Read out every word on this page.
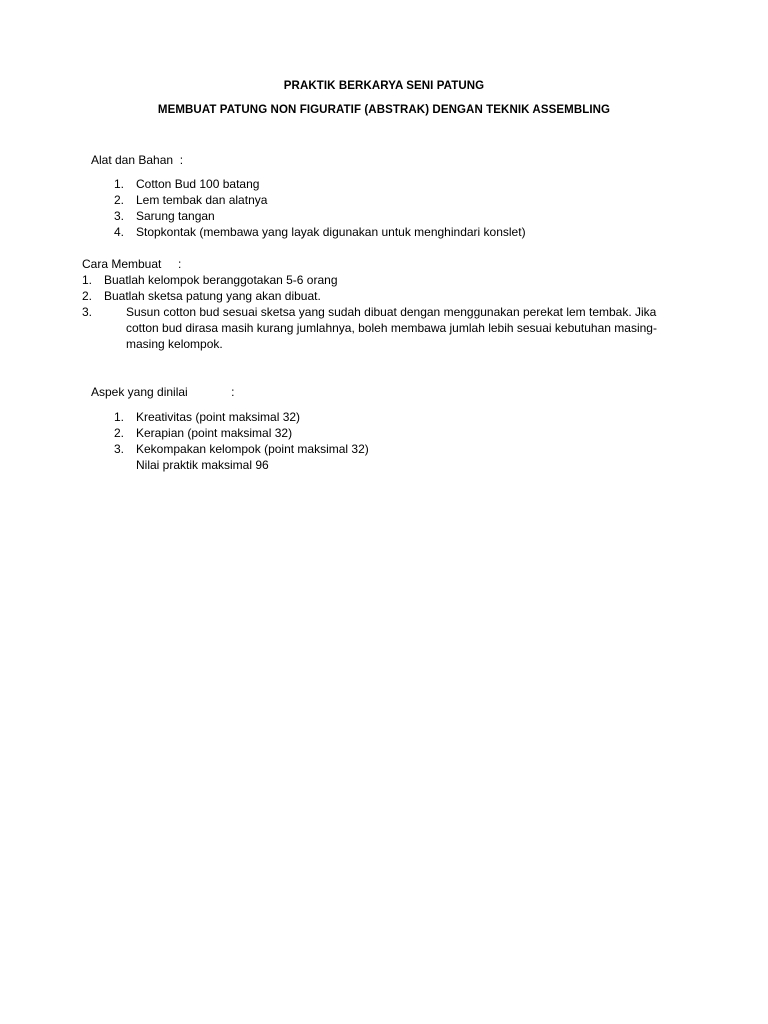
PRAKTIK BERKARYA SENI PATUNG
MEMBUAT PATUNG NON FIGURATIF (ABSTRAK) DENGAN TEKNIK ASSEMBLING
Alat dan Bahan  :
1. Cotton Bud 100 batang
2. Lem tembak dan alatnya
3. Sarung tangan
4. Stopkontak (membawa yang layak digunakan untuk menghindari konslet)
Cara Membuat     :
1. Buatlah kelompok beranggotakan 5-6 orang
2. Buatlah sketsa patung yang akan dibuat.
3.	Susun cotton bud sesuai sketsa yang sudah dibuat dengan menggunakan perekat lem tembak. Jika cotton bud dirasa masih kurang jumlahnya, boleh membawa jumlah lebih sesuai kebutuhan masing-masing kelompok.
Aspek yang dinilai             :
1. Kreativitas (point maksimal 32)
2. Kerapian (point maksimal 32)
3. Kekompakan kelompok (point maksimal 32)
Nilai praktik maksimal 96
